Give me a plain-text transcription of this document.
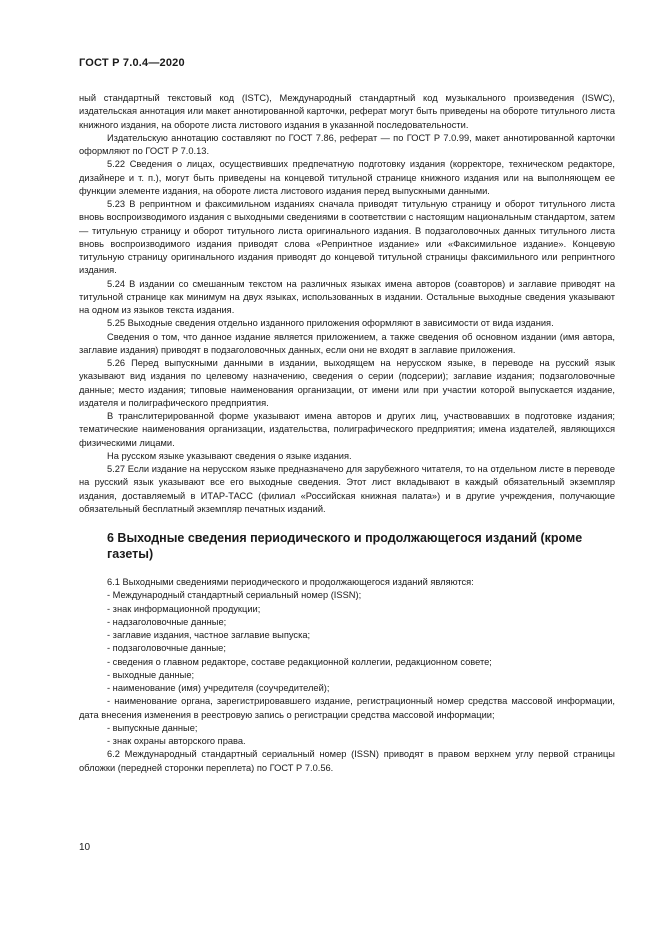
ГОСТ Р 7.0.4—2020

ный стандартный текстовый код (ISTC), Международный стандартный код музыкального произведения (ISWC), издательская аннотация или макет аннотированной карточки, реферат могут быть приведены на обороте титульного листа книжного издания, на обороте листа листового издания в указанной последовательности.

Издательскую аннотацию составляют по ГОСТ 7.86, реферат — по ГОСТ Р 7.0.99, макет аннотированной карточки оформляют по ГОСТ Р 7.0.13.

5.22 Сведения о лицах, осуществивших предпечатную подготовку издания (корректоре, техническом редакторе, дизайнере и т. п.), могут быть приведены на концевой титульной странице книжного издания или на выполняющем ее функции элементе издания, на обороте листа листового издания перед выпускными данными.

5.23 В репринтном и факсимильном изданиях сначала приводят титульную страницу и оборот титульного листа вновь воспроизводимого издания с выходными сведениями в соответствии с настоящим национальным стандартом, затем — титульную страницу и оборот титульного листа оригинального издания. В подзаголовочных данных титульного листа вновь воспроизводимого издания приводят слова «Репринтное издание» или «Факсимильное издание». Концевую титульную страницу оригинального издания приводят до концевой титульной страницы факсимильного или репринтного издания.

5.24 В издании со смешанным текстом на различных языках имена авторов (соавторов) и заглавие приводят на титульной странице как минимум на двух языках, использованных в издании. Остальные выходные сведения указывают на одном из языков текста издания.

5.25 Выходные сведения отдельно изданного приложения оформляют в зависимости от вида издания.

Сведения о том, что данное издание является приложением, а также сведения об основном издании (имя автора, заглавие издания) приводят в подзаголовочных данных, если они не входят в заглавие приложения.

5.26 Перед выпускными данными в издании, выходящем на нерусском языке, в переводе на русский язык указывают вид издания по целевому назначению, сведения о серии (подсерии); заглавие издания; подзаголовочные данные; место издания; типовые наименования организации, от имени или при участии которой выпускается издание, издателя и полиграфического предприятия.

В транслитерированной форме указывают имена авторов и других лиц, участвовавших в подготовке издания; тематические наименования организации, издательства, полиграфического предприятия; имена издателей, являющихся физическими лицами.

На русском языке указывают сведения о языке издания.

5.27 Если издание на нерусском языке предназначено для зарубежного читателя, то на отдельном листе в переводе на русский язык указывают все его выходные сведения. Этот лист вкладывают в каждый обязательный экземпляр издания, доставляемый в ИТАР-ТАСС (филиал «Российская книжная палата») и в другие учреждения, получающие обязательный бесплатный экземпляр печатных изданий.

6 Выходные сведения периодического и продолжающегося изданий (кроме газеты)

6.1 Выходными сведениями периодического и продолжающегося изданий являются:

- Международный стандартный сериальный номер (ISSN);

- знак информационной продукции;

- надзаголовочные данные;

- заглавие издания, частное заглавие выпуска;

- подзаголовочные данные;

- сведения о главном редакторе, составе редакционной коллегии, редакционном совете;

- выходные данные;

- наименование (имя) учредителя (соучредителей);

- наименование органа, зарегистрировавшего издание, регистрационный номер средства массовой информации, дата внесения изменения в реестровую запись о регистрации средства массовой информации;

- выпускные данные;

- знак охраны авторского права.

6.2 Международный стандартный сериальный номер (ISSN) приводят в правом верхнем углу первой страницы обложки (передней сторонки переплета) по ГОСТ Р 7.0.56.

10
